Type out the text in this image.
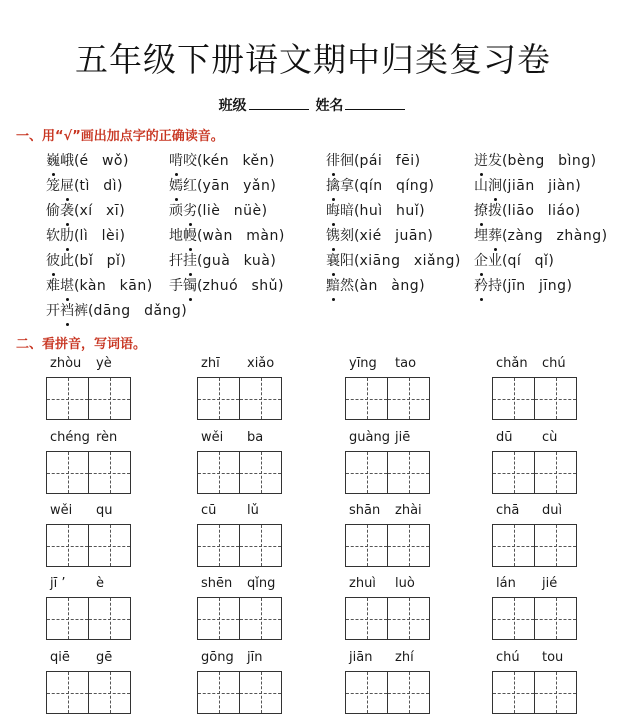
五年级下册语文期中归类复习卷
班级	姓名
一、用“√”画出加点字的正确读音。
巍峨(é wǒ)	啃咬(kén kěn)	徘徊(pái fēi)	迸发(bèng bìng)
笼屉(tì dì)	嫣红(yān yǎn)	擒拿(qín qíng)	山涧(jiān jiàn)
偷袭(xí xī)	顽劣(liè nüè)	晦暗(huì huǐ)	撩拨(liāo liáo)
软肋(lì lèi)	地幔(wàn màn)	镌刻(xié juān)	埋葬(zàng zhàng)
彼此(bǐ pǐ)	扞挂(guà kuà)	襄阳(xiāng xiǎng) 企业(qí qǐ)
难堪(kàn kān) 手镯(zhuó shǔ)	黯然(àn àng)	矜持(jīn jīng)
开裆裤(dāng dǎng)
二、看拼音，写词语。
zhòu yè	zhī xiǎo	yīng tao	chǎn chú
chéng rèn	wěi ba	guàng jiē	dū cù
wěi qu	cū lǔ	shān zhài	chā duì
jī ’ è	shēn qǐng	zhuì luò	lán jié
qiē gē	gōng jīn	jiān zhí	chú tou
